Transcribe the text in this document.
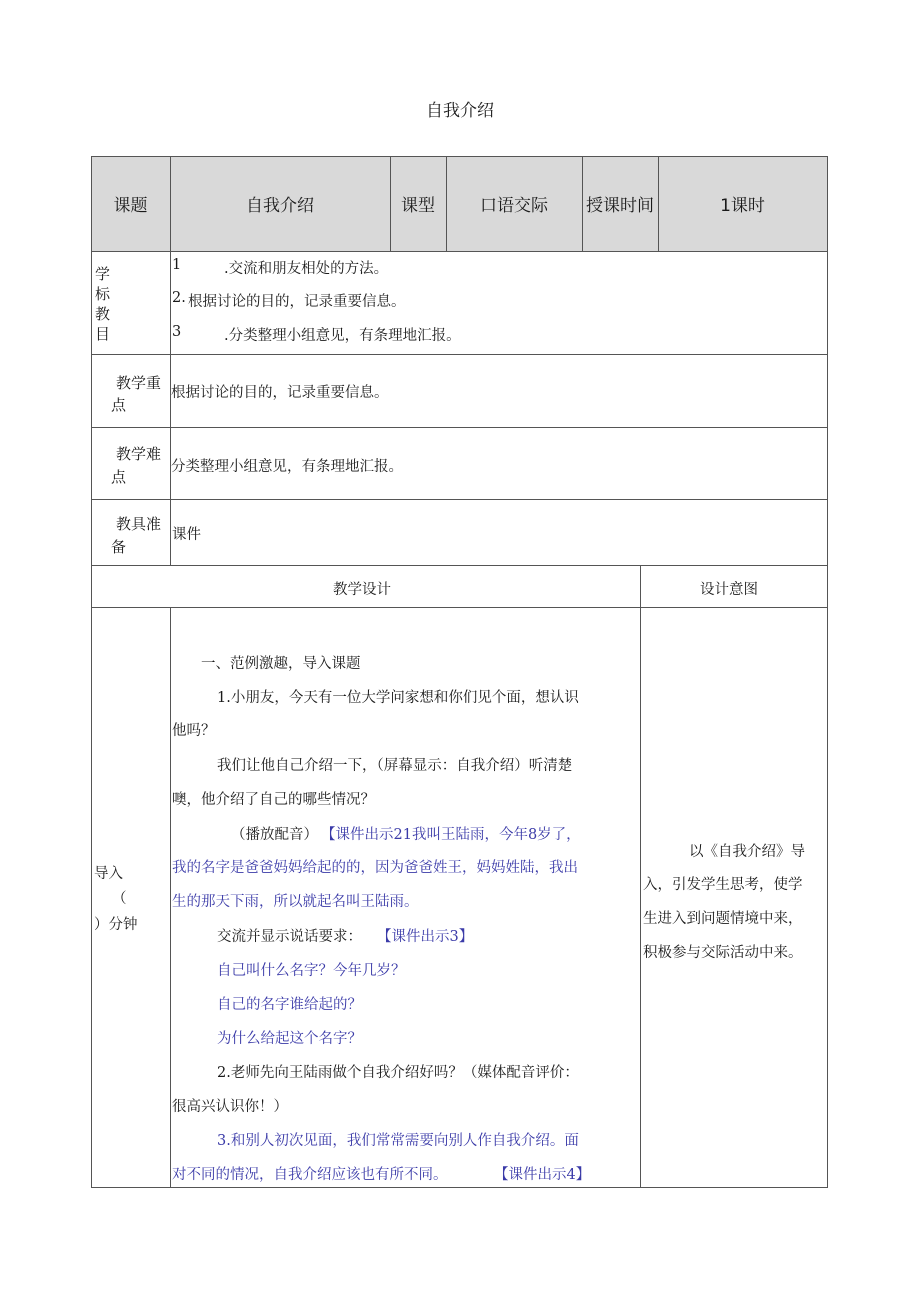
自我介绍
课题	自我介绍	课型	口语交际	授课时间	1课时
学
标
教
目
1	.交流和朋友相处的方法。
2. 根据讨论的目的，记录重要信息。
3	.分类整理小组意见，有条理地汇报。
教学重
点
根据讨论的目的，记录重要信息。
教学难
点
分类整理小组意见，有条理地汇报。
教具准
备
课件
教学设计	设计意图
导入
（
）分钟
一、范例激趣，导入课题
1.小朋友，今天有一位大学问家想和你们见个面，想认识
他吗？
我们让他自己介绍一下，（屏幕显示：自我介绍）听清楚
噢，他介绍了自己的哪些情况？
（播放配音） 【课件出示21我叫王陆雨，今年8岁了，
我的名字是爸爸妈妈给起的的，因为爸爸姓王，妈妈姓陆，我出
生的那天下雨，所以就起名叫王陆雨。
交流并显示说话要求： 【课件出示3】
自己叫什么名字？今年几岁？
自己的名字谁给起的？
为什么给起这个名字？
2.老师先向王陆雨做个自我介绍好吗？（媒体配音评价：
很高兴认识你！）
3.和别人初次见面，我们常常需要向别人作自我介绍。面
对不同的情况，自我介绍应该也有所不同。	【课件出示4】
以《自我介绍》导
入，引发学生思考，使学
生进入到问题情境中来，
积极参与交际活动中来。
